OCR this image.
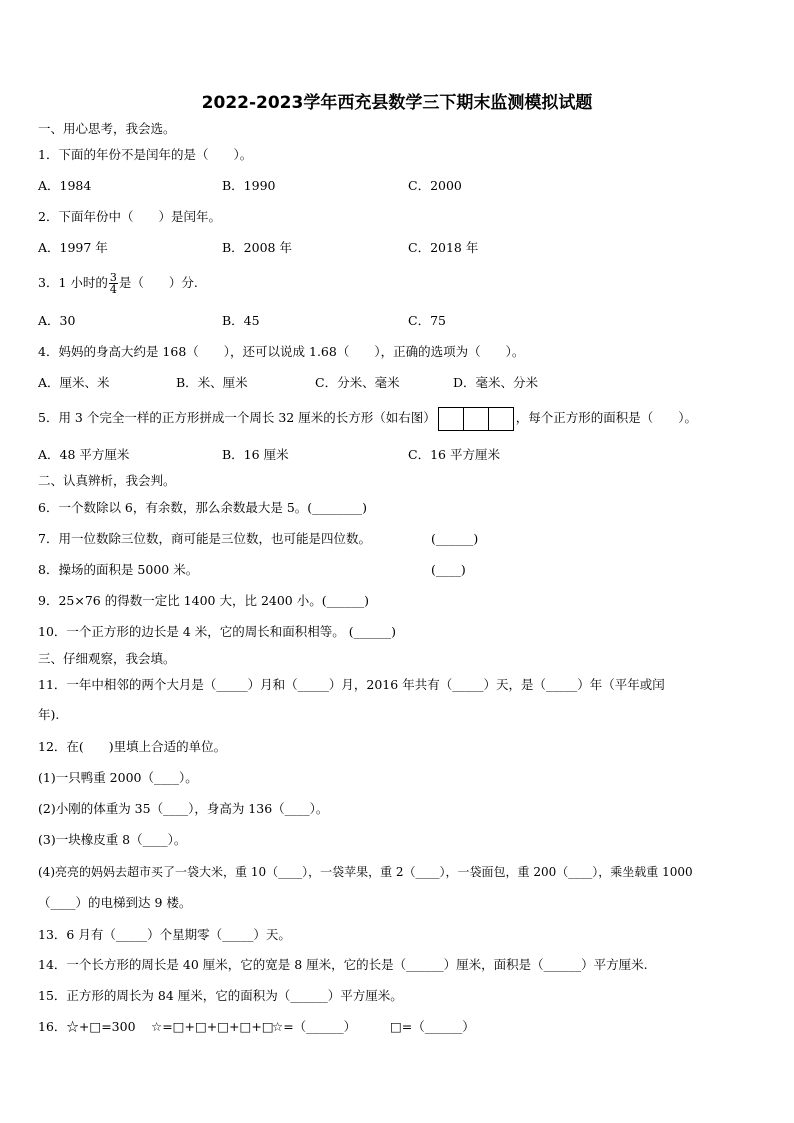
2022-2023学年西充县数学三下期末监测模拟试题
一、用心思考，我会选。
1．下面的年份不是闰年的是（　　）。
A．1984	B．1990	C．2000
2．下面年份中（　　）是闰年。
A．1997 年	B．2008 年	C．2018 年
3．1 小时的 $\frac{3}{4}$ 是（　　）分.
A．30	B．45	C．75
4．妈妈的身高大约是 168（　　），还可以说成 1.68（　　），正确的选项为（　　）。
A．厘米、米	B．米、厘米	C．分米、毫米	D．毫米、分米
5．用 3 个完全一样的正方形拼成一个周长 32 厘米的长方形（如右图）	，每个正方形的面积是（　　）。
A．48 平方厘米	B．16 厘米	C．16 平方厘米
二、认真辨析，我会判。
6．一个数除以 6，有余数，那么余数最大是 5。(________)
7．用一位数除三位数，商可能是三位数，也可能是四位数。	(______)
8．操场的面积是 5000 米。	(____)
9．25×76 的得数一定比 1400 大，比 2400 小。(______)
10．一个正方形的边长是 4 米，它的周长和面积相等。 (______)
三、仔细观察，我会填。
11．一年中相邻的两个大月是（_____）月和（_____）月，2016 年共有（_____）天，是（_____）年（平年或闰
年).
12．在(　　)里填上合适的单位。
(1)一只鸭重 2000（____）。
(2)小刚的体重为 35（____），身高为 136（____）。
(3)一块橡皮重 8（____）。
(4)亮亮的妈妈去超市买了一袋大米，重 10（____），一袋苹果，重 2（____），一袋面包，重 200（____），乘坐载重 1000
（____）的电梯到达 9 楼。
13．6 月有（_____）个星期零（_____）天。
14．一个长方形的周长是 40 厘米，它的宽是 8 厘米，它的长是（______）厘米，面积是（______）平方厘米.
15．正方形的周长为 84 厘米，它的面积为（______）平方厘米。
16．☆+□=300 ☆=□+□+□+□+□
☆=（______）	□=（______）
